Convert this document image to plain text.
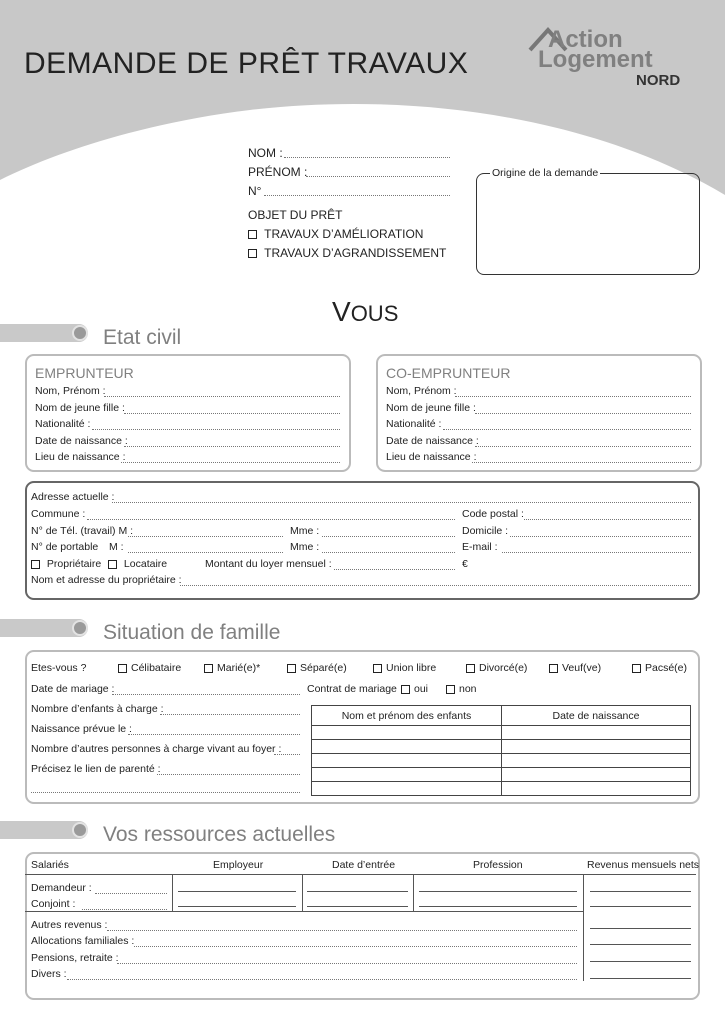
DEMANDE DE PRÊT TRAVAUX
Action
Logement
NORD
NOM :
PRÉNOM :
N°
OBJET DU PRÊT
TRAVAUX D’AMÉLIORATION
TRAVAUX D’AGRANDISSEMENT
Origine de la demande
VOUS
Etat civil
EMPRUNTEUR
Nom, Prénom :
Nom de jeune fille :
Nationalité :
Date de naissance :
Lieu de naissance :
CO-EMPRUNTEUR
Nom, Prénom :
Nom de jeune fille :
Nationalité :
Date de naissance :
Lieu de naissance :
Adresse actuelle :
Commune :	Code postal :
N° de Tél. (travail) M :	Mme :	Domicile :
N° de portable M :	Mme :	E-mail :
Propriétaire	Locataire	Montant du loyer mensuel :	€
Nom et adresse du propriétaire :
Situation de famille
Etes-vous ?	Célibataire	Marié(e)*	Séparé(e)	Union libre	Divorcé(e)	Veuf(ve)	Pacsé(e)
Date de mariage :	Contrat de mariage	oui	non
Nombre d’enfants à charge :
Naissance prévue le :
Nombre d’autres personnes à charge vivant au foyer :
Précisez le lien de parenté :
Nom et prénom des enfants	Date de naissance

Vos ressources actuelles
Salariés	Employeur	Date d’entrée	Profession	Revenus mensuels nets
Demandeur :
Conjoint :
Autres revenus :
Allocations familiales :
Pensions, retraite :
Divers :
